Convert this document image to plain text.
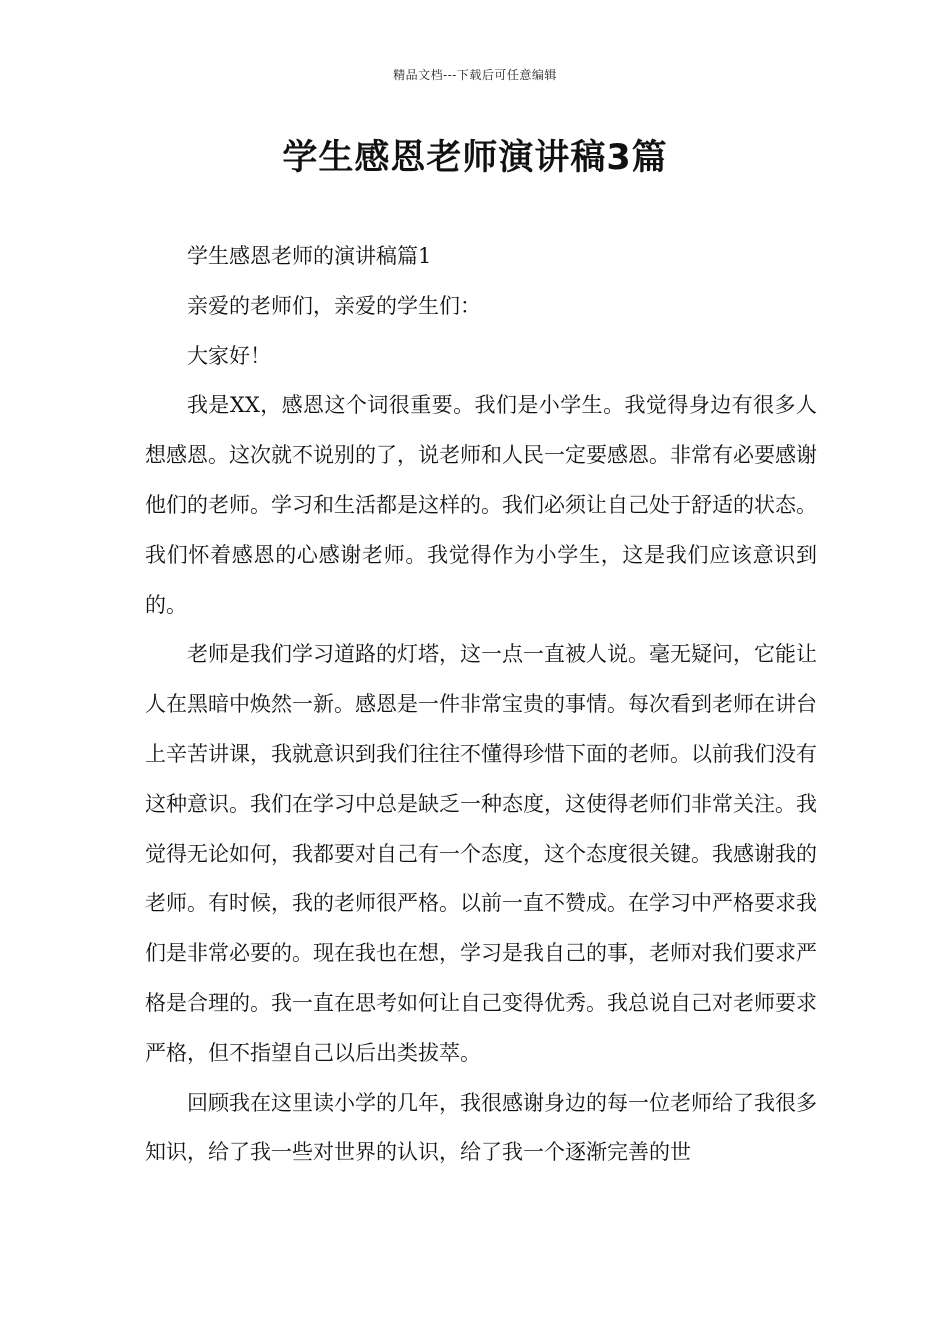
精品文档---下载后可任意编辑
学生感恩老师演讲稿3篇

学生感恩老师的演讲稿篇1

亲爱的老师们，亲爱的学生们：

大家好！

我是XX，感恩这个词很重要。我们是小学生。我觉得身边有很多人想感恩。这次就不说别的了，说老师和人民一定要感恩。非常有必要感谢他们的老师。学习和生活都是这样的。我们必须让自己处于舒适的状态。我们怀着感恩的心感谢老师。我觉得作为小学生，这是我们应该意识到的。

老师是我们学习道路的灯塔，这一点一直被人说。毫无疑问，它能让人在黑暗中焕然一新。感恩是一件非常宝贵的事情。每次看到老师在讲台上辛苦讲课，我就意识到我们往往不懂得珍惜下面的老师。以前我们没有这种意识。我们在学习中总是缺乏一种态度，这使得老师们非常关注。我觉得无论如何，我都要对自己有一个态度，这个态度很关键。我感谢我的老师。有时候，我的老师很严格。以前一直不赞成。在学习中严格要求我们是非常必要的。现在我也在想，学习是我自己的事，老师对我们要求严格是合理的。我一直在思考如何让自己变得优秀。我总说自己对老师要求严格，但不指望自己以后出类拔萃。

回顾我在这里读小学的几年，我很感谢身边的每一位老师给了我很多知识，给了我一些对世界的认识，给了我一个逐渐完善的世
